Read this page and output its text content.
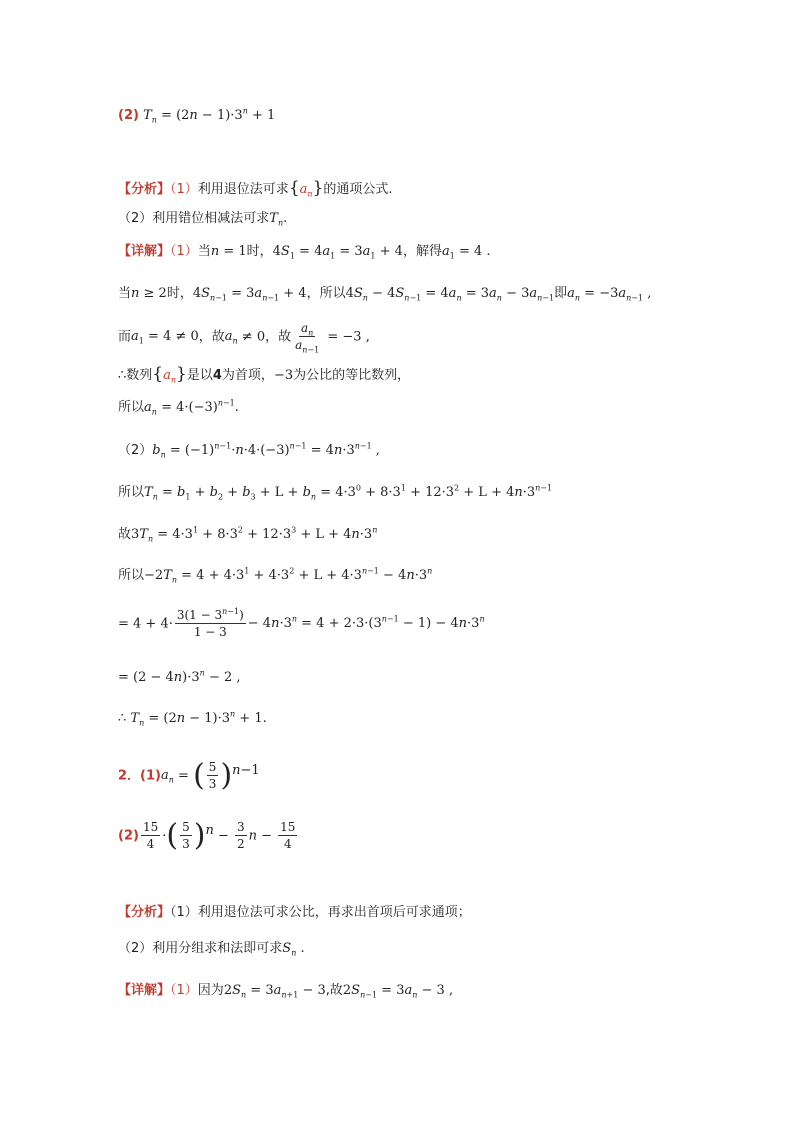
(2) $T_n = (2n - 1)\cdot 3^n + 1$
【分析】（1）利用退位法可求$\{a_n\}$的通项公式.
（2）利用错位相减法可求$T_n$.
【详解】（1）当n = 1时，$4S_1 = 4a_1 = 3a_1 + 4$，解得$a_1 = 4$ .
当n ≥ 2时，$4S_{n-1} = 3a_{n-1} + 4$，所以$4S_n - 4S_{n-1} = 4a_n = 3a_n - 3a_{n-1}$即$a_n = -3a_{n-1}$ ,
而$a_1 = 4 \ne 0$，故$a_n \ne 0$，故 $\frac{a_n}{a_{n-1}} = -3$ ,
∴数列$\{a_n\}$是以4为首项，−3为公比的等比数列，
所以$a_n = 4\cdot(-3)^{n-1}$.
$(2)b_n = (-1)^{n-1}\cdot n\cdot 4\cdot(-3)^{n-1} = 4n\cdot 3^{n-1}$ ,
所以$T_n = b_1 + b_2 + b_3 + L + b_n = 4\cdot 3^0 + 8\cdot 3^1 + 12\cdot 3^2 + L + 4n\cdot 3^{n-1}$
故$3T_n = 4\cdot 3^1 + 8\cdot 3^2 + 12\cdot 3^3 + L + 4n\cdot 3^n$
所以$-2T_n = 4 + 4\cdot 3^1 + 4\cdot 3^2 + L + 4\cdot 3^{n-1} - 4n\cdot 3^n$
= $4 + 4\cdot \frac{3(1 - 3^{n-1})}{1 - 3} - 4n\cdot 3^n = 4 + 2\cdot 3\cdot(3^{n-1} - 1) - 4n\cdot 3^n$
= $(2 - 4n)\cdot 3^n - 2$ ,
∴ $T_n = (2n - 1)\cdot 3^n + 1$.
2．$(1)a_n$ = ( $\frac{5}{3} )^{n-1}$
$(2) \frac{15}{4}$ ·( $\frac{5}{3} )^n - \frac{3}{2}$ $n - \frac{15}{4}$
【分析】（1）利用退位法可求公比，再求出首项后可求通项；
（2）利用分组求和法即可求$S_n$ .
【详解】（1）因为$2S_n = 3a_{n+1} - 3$,故$2S_{n-1} = 3a_n - 3$ ,
